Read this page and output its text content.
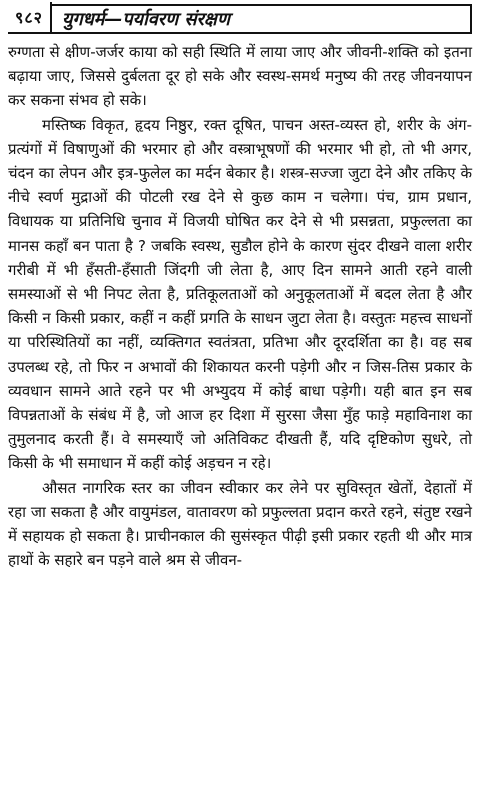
९८२	युगधर्म—पर्यावरण संरक्षण

रुग्णता से क्षीण-जर्जर काया को सही स्थिति में लाया जाए और जीवनी-शक्ति को इतना बढ़ाया जाए, जिससे दुर्बलता दूर हो सके और स्वस्थ-समर्थ मनुष्य की तरह जीवनयापन कर सकना संभव हो सके।

मस्तिष्क विकृत, हृदय निष्ठुर, रक्त दूषित, पाचन अस्त-व्यस्त हो, शरीर के अंग-प्रत्यंगों में विषाणुओं की भरमार हो और वस्त्राभूषणों की भरमार भी हो, तो भी अगर, चंदन का लेपन और इत्र-फुलेल का मर्दन बेकार है। शस्त्र-सज्जा जुटा देने और तकिए के नीचे स्वर्ण मुद्राओं की पोटली रख देने से कुछ काम न चलेगा। पंच, ग्राम प्रधान, विधायक या प्रतिनिधि चुनाव में विजयी घोषित कर देने से भी प्रसन्नता, प्रफुल्लता का मानस कहाँ बन पाता है ? जबकि स्वस्थ, सुडौल होने के कारण सुंदर दीखने वाला शरीर गरीबी में भी हँसती-हँसाती जिंदगी जी लेता है, आए दिन सामने आती रहने वाली समस्याओं से भी निपट लेता है, प्रतिकूलताओं को अनुकूलताओं में बदल लेता है और किसी न किसी प्रकार, कहीं न कहीं प्रगति के साधन जुटा लेता है। वस्तुतः महत्त्व साधनों या परिस्थितियों का नहीं, व्यक्तिगत स्वतंत्रता, प्रतिभा और दूरदर्शिता का है। वह सब उपलब्ध रहे, तो फिर न अभावों की शिकायत करनी पड़ेगी और न जिस-तिस प्रकार के व्यवधान सामने आते रहने पर भी अभ्युदय में कोई बाधा पड़ेगी। यही बात इन सब विपन्नताओं के संबंध में है, जो आज हर दिशा में सुरसा जैसा मुँह फाड़े महाविनाश का तुमुलनाद करती हैं। वे समस्याएँ जो अतिविकट दीखती हैं, यदि दृष्टिकोण सुधरे, तो किसी के भी समाधान में कहीं कोई अड़चन न रहे।

औसत नागरिक स्तर का जीवन स्वीकार कर लेने पर सुविस्तृत खेतों, देहातों में रहा जा सकता है और वायुमंडल, वातावरण को प्रफुल्लता प्रदान करते रहने, संतुष्ट रखने में सहायक हो सकता है। प्राचीनकाल की सुसंस्कृत पीढ़ी इसी प्रकार रहती थी और मात्र हाथों के सहारे बन पड़ने वाले श्रम से जीवन-
